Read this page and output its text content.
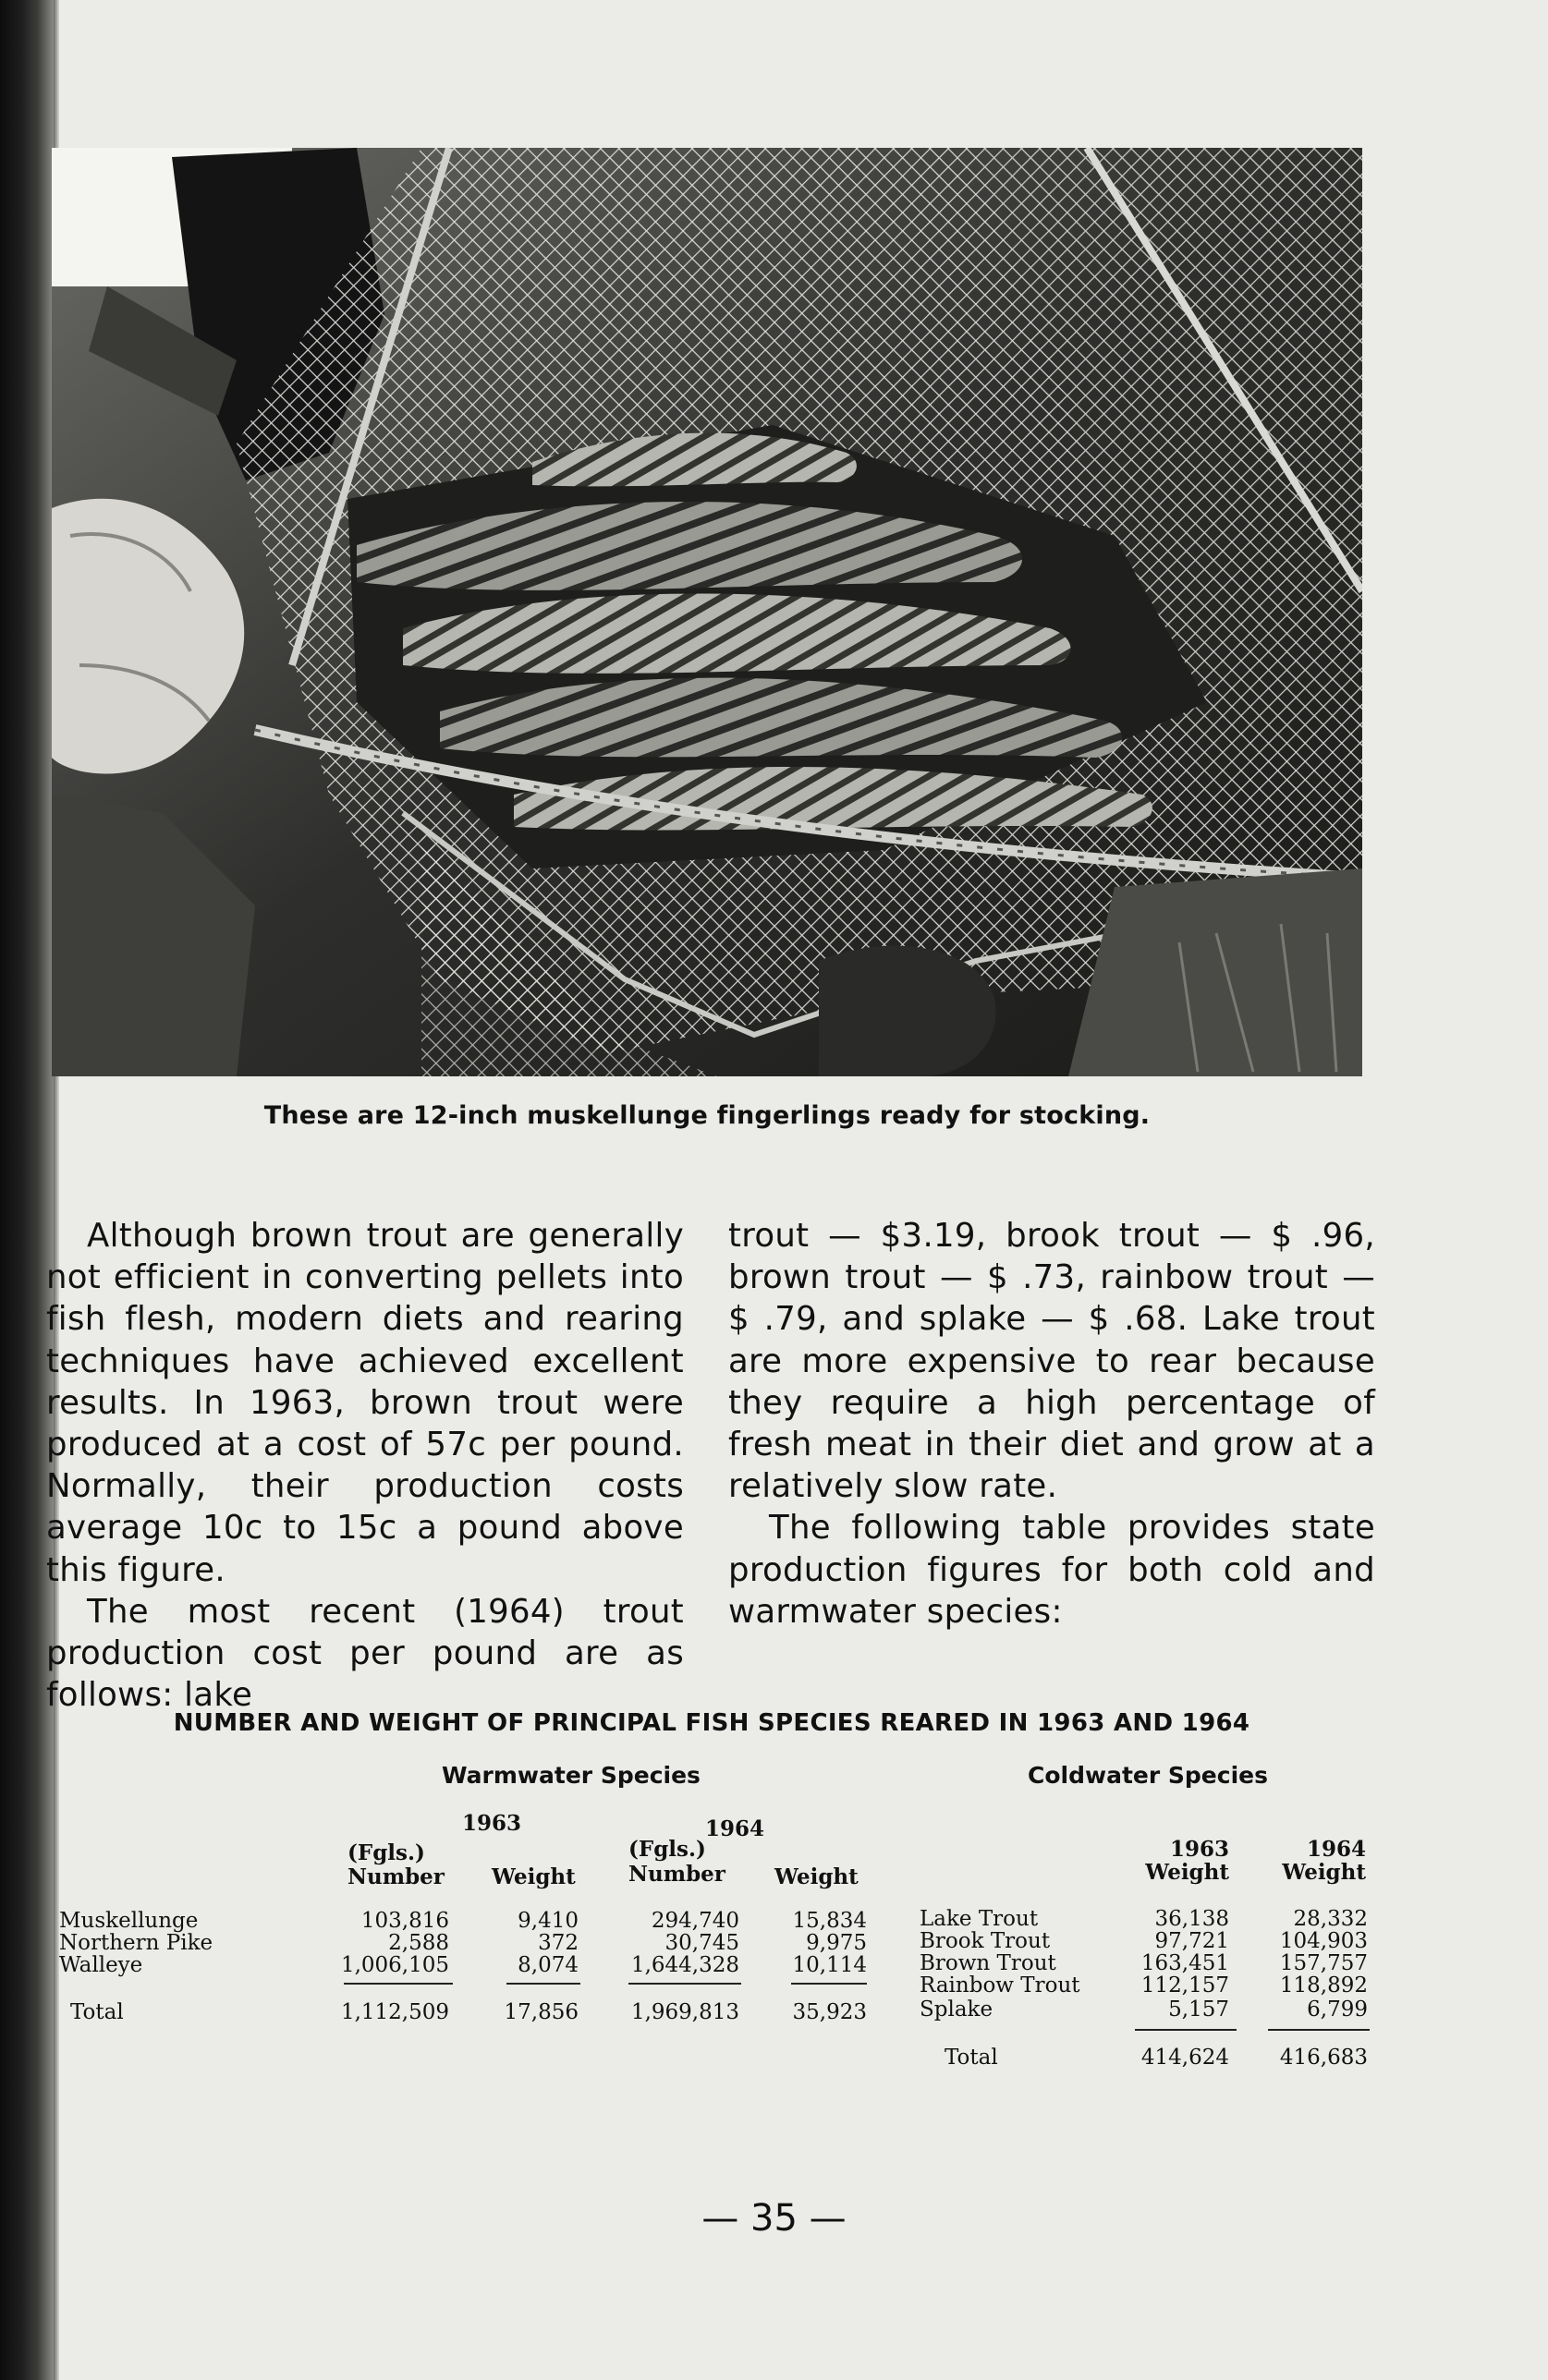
These are 12-inch muskellunge fingerlings ready for stocking.

Although brown trout are generally not efficient in converting pellets into fish flesh, modern diets and rearing techniques have achieved excellent results. In 1963, brown trout were produced at a cost of 57c per pound. Normally, their production costs average 10c to 15c a pound above this figure.

The most recent (1964) trout production cost per pound are as follows: lake

trout — $3.19, brook trout — $ .96, brown trout — $ .73, rainbow trout — $ .79, and splake — $ .68. Lake trout are more expensive to rear because they require a high percentage of fresh meat in their diet and grow at a relatively slow rate.

The following table provides state production figures for both cold and warmwater species:

NUMBER AND WEIGHT OF PRINCIPAL FISH SPECIES REARED IN 1963 AND 1964
Warmwater Species	Coldwater Species
1963	1964
(Fgls.)	(Fgls.)
Number Weight Number Weight
Muskellunge	103,816	9,410	294,740	15,834
Northern Pike	2,588	372	30,745	9,975
Walleye	1,006,105	8,074	1,644,328	10,114
Total	1,112,509	17,856	1,969,813	35,923
1963
Weight
1964
Weight
Lake Trout	36,138	28,332
Brook Trout	97,721	104,903
Brown Trout	163,451	157,757
Rainbow Trout	112,157	118,892
Splake	5,157	6,799
Total	414,624	416,683
— 35 —
